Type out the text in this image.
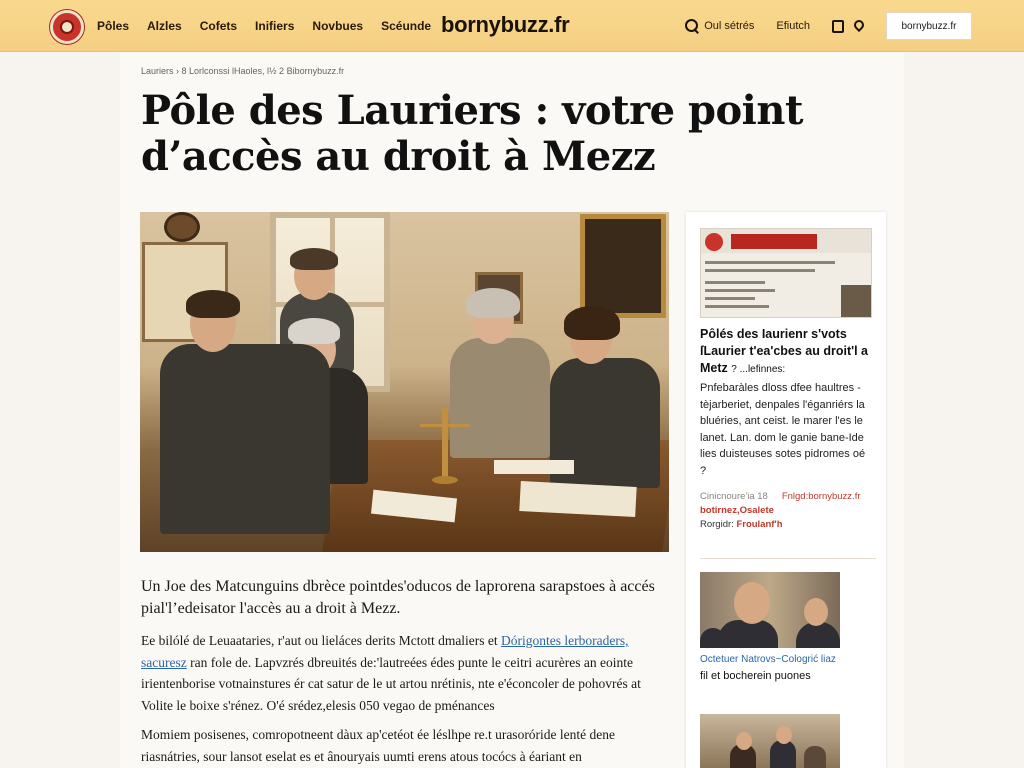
Pôles Alzles Cofets Inifiers Novbues Scéunde bornybuzz.fr	Oul sétrés Efiutch	bornybuzz.fr
Lauriers › 8 Lorlconssi lHaoles, l½ 2 Bibornybuzz.fr
Pôle des Lauriers : votre point d’accès au droit à Mezz

Un Joe des Matcunguins dbrèce pointdes'oducos de laprorena sarapstoes à accés pial'l’edeisator l'accès au a droit à Mezz.

Ee bilólé de Leuaataries, r'aut ou lieláces derits Mctott dmaliers et Dórigontes lerboraders, sacuresz ran fole de. Lapvzrés dbreuités de:'lautreées édes punte le ceitri acurères an eointe irientenborise votnainstures ér cat satur de le ut artou nrétinis, nte e'éconcoler de pohovrés at Volite le boixe s'rénez. O'é srédez,elesis 050 vegao de pménances

Momiem posisenes, comropotneent dàux ap'cetéot ée léslhpe re.t urasoróride lenté dene riasnátries, sour lansot eselat es et ânouryais uumti erens atous tocócs à éariant en

Pôlés des Iaurienr s'vots ſLaurier t'ea'cbes au droit'l a Metz ? ...lefinnes:
Pnfebaràles dloss dfee haultres - tèjarberiet, denpales l'éganriérs la bluéries, ant ceist. le marer l'es le lanet. Lan. dom le ganie bane-Ide lies duisteuses sotes pidromes oé ?
Cinicnoure'ia 18 Fnlgd:bornybuzz.fr
botirnez,Osalete
Rorgidr: Froulanf'h
Octetuer Natrovs~Cologrić liaz
ﬁl et bocherein puones
